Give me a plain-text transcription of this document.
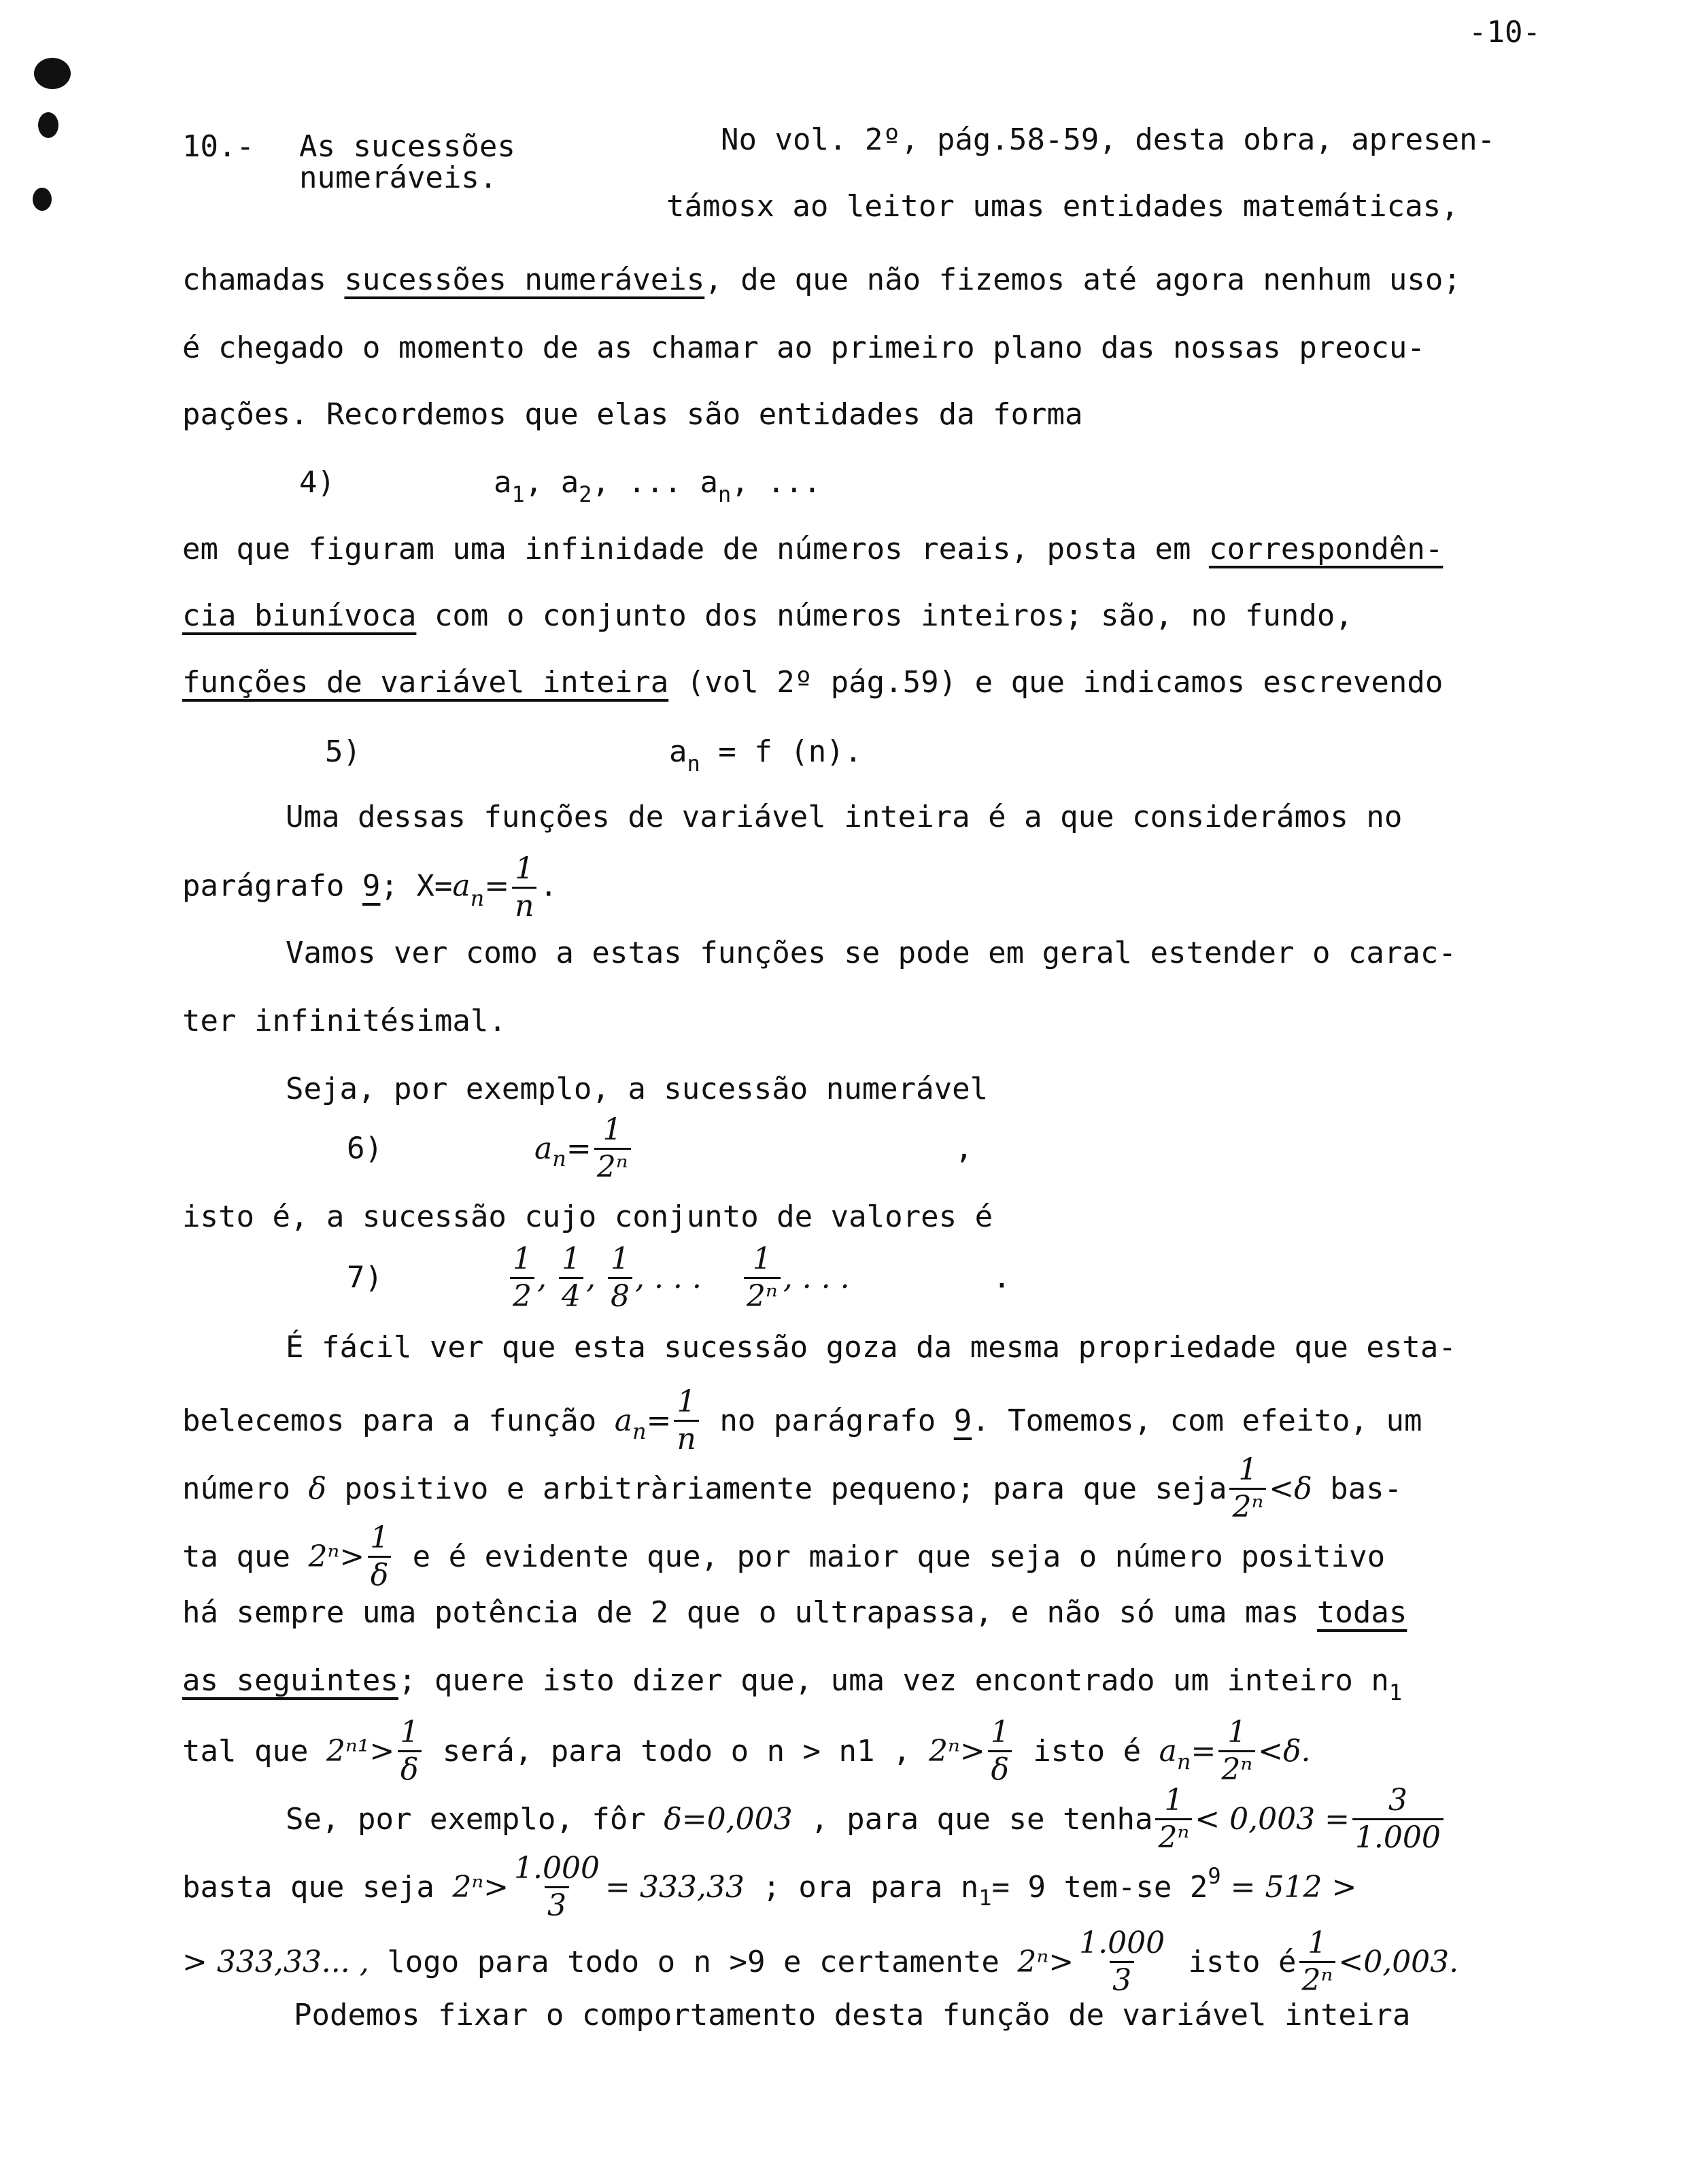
-10-
10.- As sucessões
numeráveis.
No vol. 2º, pág.58-59, desta obra, apresen-
támosx ao leitor umas entidades matemáticas,
chamadas sucessões numeráveis, de que não fizemos até agora nenhum uso;
é chegado o momento de as chamar ao primeiro plano das nossas preocu-
pações. Recordemos que elas são entidades da forma
4)	$a_1$, $a_2$, ... $a_n$, ...
em que figuram uma infinidade de números reais, posta em correspondên-
cia biunívoca com o conjunto dos números inteiros; são, no fundo,
funções de variável inteira (vol 2º pág.59) e que indicamos escrevendo
5)	$a_n = f$ (n).
Uma dessas funções de variável inteira é a que considerámos no
parágrafo 9; $X=a_n= \frac{1}{n}$ .
Vamos ver como a estas funções se pode em geral estender o carac-
ter infinitésimal.
Seja, por exemplo, a sucessão numerável
6)	$a_n= \frac{1}{\text{2ⁿ}}$	,
isto é, a sucessão cujo conjunto de valores é
7)	$\frac{1}{2}$ , $\frac{1}{4}$ , $\frac{1}{8}$ , . . . $\frac{1}{\text{2ⁿ}}$ , . . .	.
É fácil ver que esta sucessão goza da mesma propriedade que esta-
belecemos para a função $a_n= \frac{1}{n}$ no parágrafo 9. Tomemos, com efeito, um
número δ positivo e arbitràriamente pequeno; para que seja $\frac{1}{\text{2ⁿ}} <\delta$ bas-
ta que $2^n> \frac{1}{\delta}$ e é evidente que, por maior que seja o número positivo
há sempre uma potência de 2 que o ultrapassa, e não só uma mas todas
as seguintes; quere isto dizer que, uma vez encontrado um inteiro $n_1$
tal que $2^{n1}> \frac{1}{\delta}$ será, para todo o n > n1 , $2^n> \frac{1}{\delta}$ isto é $a_n= \frac{1}{\text{2ⁿ}} <\delta$.
Se, por exemplo, fôr δ=0,003 , para que se tenha $\frac{1}{\text{2ⁿ}} < 0,003 = \frac{3}{1.000}$
basta que seja $2^n> \frac{1.000}{3} = 333,33$ ; ora para $n_1= 9$ tem-se $2^9 = 512$ >
> 333,33... , logo para todo o n >9 e certamente $2^n> \frac{1.000}{3}$ isto é $\frac{1}{\text{2ⁿ}} <0,003$.
Podemos fixar o comportamento desta função de variável inteira
